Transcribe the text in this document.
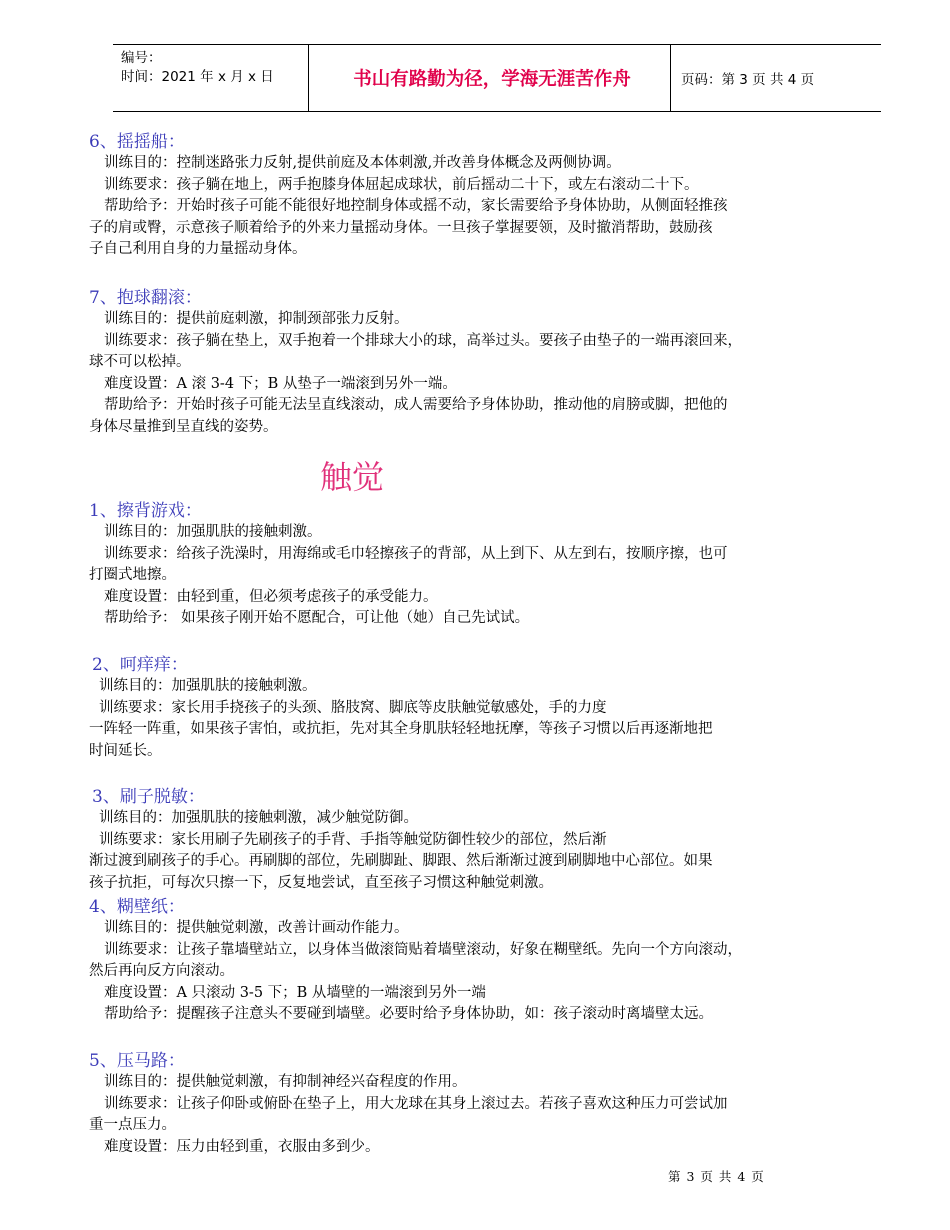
编号：
时间：2021 年 x 月 x 日	书山有路勤为径，学海无涯苦作舟	页码：第 3 页 共 4 页
6、摇摇船：
训练目的：控制迷路张力反射,提供前庭及本体刺激,并改善身体概念及两侧协调。
训练要求：孩子躺在地上，两手抱膝身体屈起成球状，前后摇动二十下，或左右滚动二十下。
帮助给予：开始时孩子可能不能很好地控制身体或摇不动，家长需要给予身体协助，从侧面轻推孩
子的肩或臀，示意孩子顺着给予的外来力量摇动身体。一旦孩子掌握要领，及时撤消帮助，鼓励孩
子自己利用自身的力量摇动身体。
7、抱球翻滚：
训练目的：提供前庭刺激，抑制颈部张力反射。
训练要求：孩子躺在垫上，双手抱着一个排球大小的球，高举过头。要孩子由垫子的一端再滚回来，
球不可以松掉。
难度设置：A 滚 3-4 下；B 从垫子一端滚到另外一端。
帮助给予：开始时孩子可能无法呈直线滚动，成人需要给予身体协助，推动他的肩膀或脚，把他的
身体尽量推到呈直线的姿势。
触觉
1、擦背游戏：
训练目的：加强肌肤的接触刺激。
训练要求：给孩子洗澡时，用海绵或毛巾轻擦孩子的背部，从上到下、从左到右，按顺序擦，也可
打圈式地擦。
难度设置：由轻到重，但必须考虑孩子的承受能力。
帮助给予： 如果孩子刚开始不愿配合，可让他（她）自己先试试。
2、呵痒痒：
训练目的：加强肌肤的接触刺激。
训练要求：家长用手挠孩子的头颈、胳肢窝、脚底等皮肤触觉敏感处，手的力度
一阵轻一阵重，如果孩子害怕，或抗拒，先对其全身肌肤轻轻地抚摩，等孩子习惯以后再逐渐地把
时间延长。
3、刷子脱敏：
训练目的：加强肌肤的接触刺激，减少触觉防御。
训练要求：家长用刷子先刷孩子的手背、手指等触觉防御性较少的部位，然后渐
渐过渡到刷孩子的手心。再刷脚的部位，先刷脚趾、脚跟、然后渐渐过渡到刷脚地中心部位。如果
孩子抗拒，可每次只擦一下，反复地尝试，直至孩子习惯这种触觉刺激。
4、糊壁纸：
训练目的：提供触觉刺激，改善计画动作能力。
训练要求：让孩子靠墙壁站立，以身体当做滚筒贴着墙壁滚动，好象在糊壁纸。先向一个方向滚动，
然后再向反方向滚动。
难度设置：A 只滚动 3-5 下；B 从墙壁的一端滚到另外一端
帮助给予：提醒孩子注意头不要碰到墙壁。必要时给予身体协助，如：孩子滚动时离墙壁太远。
5、压马路：
训练目的：提供触觉刺激，有抑制神经兴奋程度的作用。
训练要求：让孩子仰卧或俯卧在垫子上，用大龙球在其身上滚过去。若孩子喜欢这种压力可尝试加
重一点压力。
难度设置：压力由轻到重，衣服由多到少。
第 3 页 共 4 页
